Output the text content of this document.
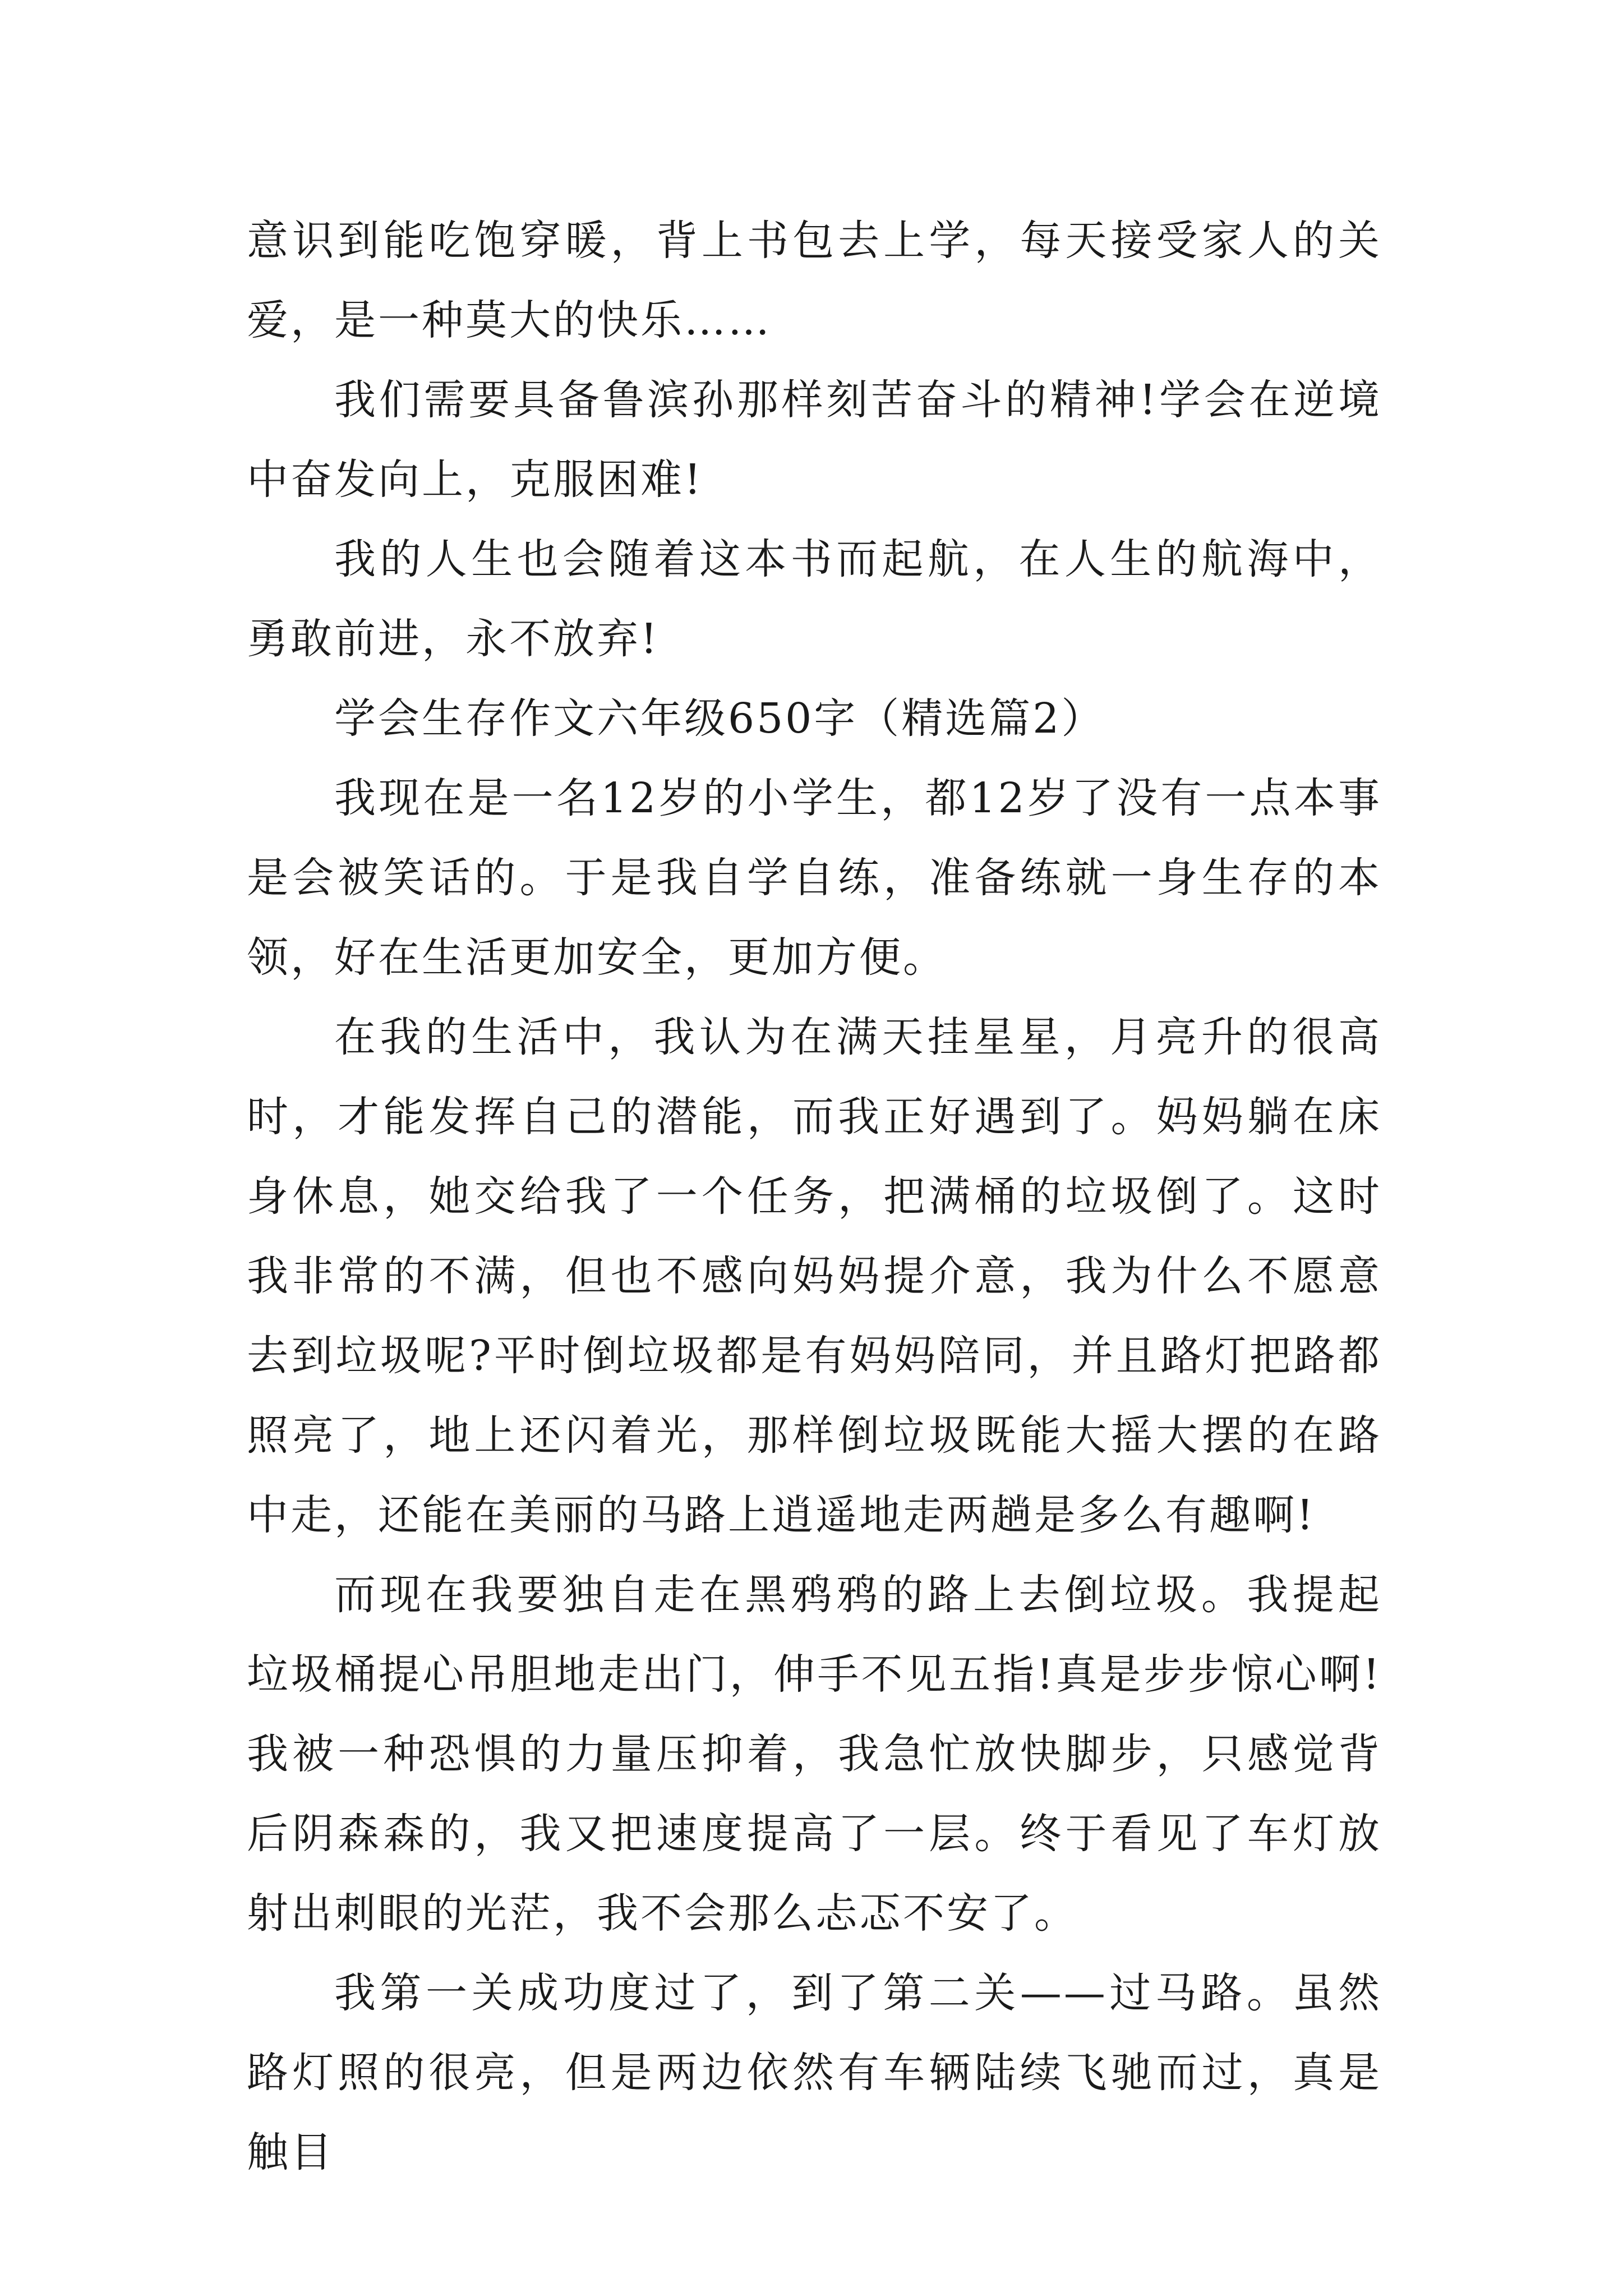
意识到能吃饱穿暖，背上书包去上学，每天接受家人的关爱，是一种莫大的快乐……

我们需要具备鲁滨孙那样刻苦奋斗的精神!学会在逆境中奋发向上，克服困难!

我的人生也会随着这本书而起航，在人生的航海中，勇敢前进，永不放弃!

学会生存作文六年级650字（精选篇2）

我现在是一名12岁的小学生，都12岁了没有一点本事是会被笑话的。于是我自学自练，准备练就一身生存的本领，好在生活更加安全，更加方便。

在我的生活中，我认为在满天挂星星，月亮升的很高时，才能发挥自己的潜能，而我正好遇到了。妈妈躺在床身休息，她交给我了一个任务，把满桶的垃圾倒了。这时我非常的不满，但也不感向妈妈提介意，我为什么不愿意去到垃圾呢?平时倒垃圾都是有妈妈陪同，并且路灯把路都照亮了，地上还闪着光，那样倒垃圾既能大摇大摆的在路中走，还能在美丽的马路上逍遥地走两趟是多么有趣啊!

而现在我要独自走在黑鸦鸦的路上去倒垃圾。我提起垃圾桶提心吊胆地走出门，伸手不见五指!真是步步惊心啊!我被一种恐惧的力量压抑着，我急忙放快脚步，只感觉背后阴森森的，我又把速度提高了一层。终于看见了车灯放射出刺眼的光茫，我不会那么忐忑不安了。

我第一关成功度过了，到了第二关——过马路。虽然路灯照的很亮，但是两边依然有车辆陆续飞驰而过，真是触目
